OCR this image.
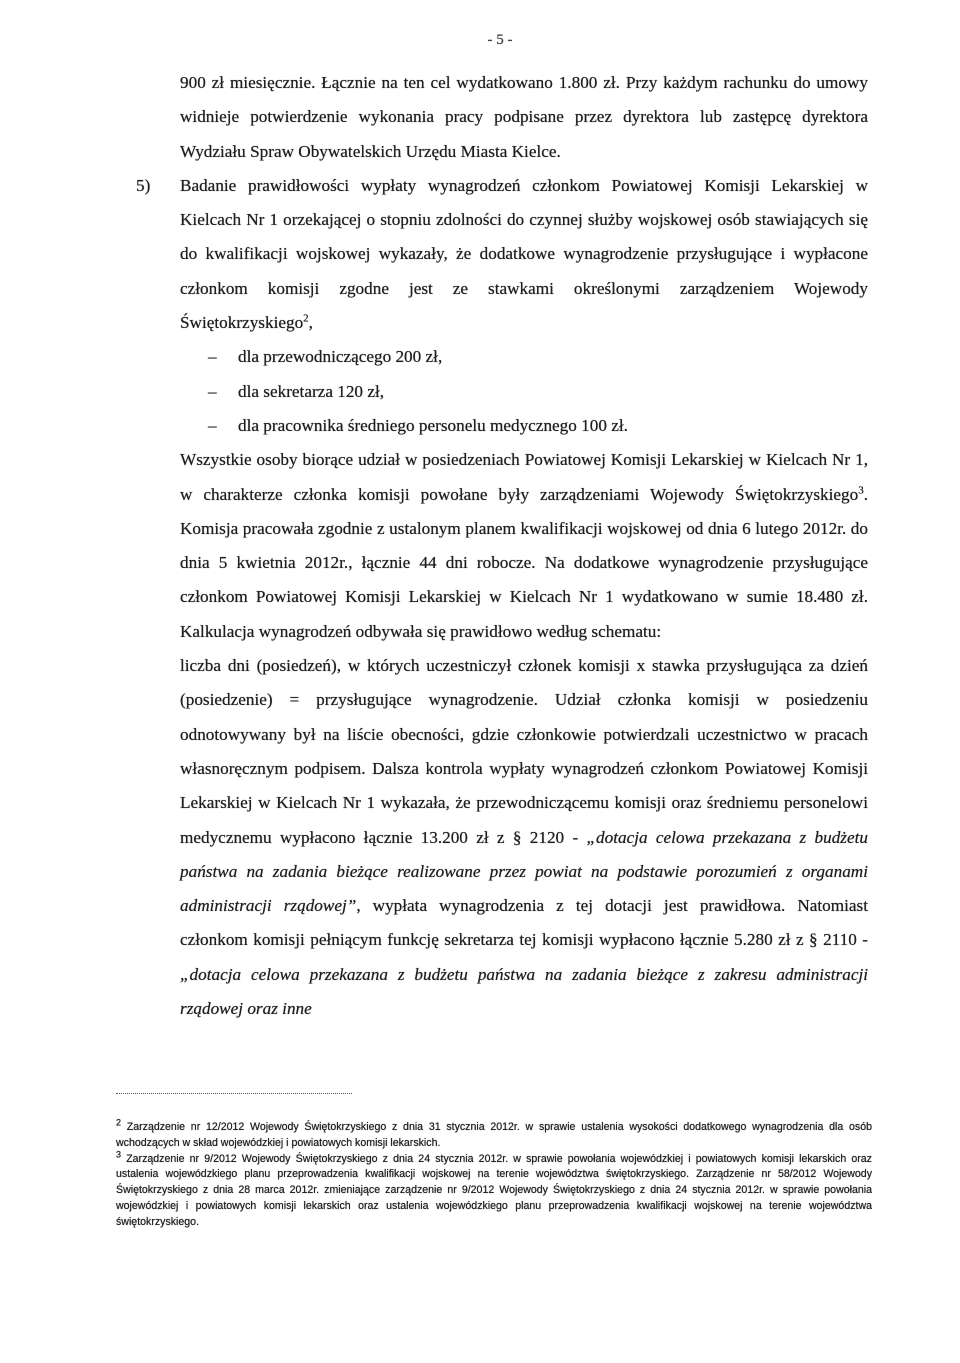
- 5 -

900 zł miesięcznie. Łącznie na ten cel wydatkowano 1.800 zł. Przy każdym rachunku do umowy widnieje potwierdzenie wykonania pracy podpisane przez dyrektora lub zastępcę dyrektora Wydziału Spraw Obywatelskich Urzędu Miasta Kielce.

5) Badanie prawidłowości wypłaty wynagrodzeń członkom Powiatowej Komisji Lekarskiej w Kielcach Nr 1 orzekającej o stopniu zdolności do czynnej służby wojskowej osób stawiających się do kwalifikacji wojskowej wykazały, że dodatkowe wynagrodzenie przysługujące i wypłacone członkom komisji zgodne jest ze stawkami określonymi zarządzeniem Wojewody Świętokrzyskiego$^2$,

– dla przewodniczącego 200 zł,
– dla sekretarza 120 zł,
– dla pracownika średniego personelu medycznego 100 zł.

Wszystkie osoby biorące udział w posiedzeniach Powiatowej Komisji Lekarskiej w Kielcach Nr 1, w charakterze członka komisji powołane były zarządzeniami Wojewody Świętokrzyskiego$^3$. Komisja pracowała zgodnie z ustalonym planem kwalifikacji wojskowej od dnia 6 lutego 2012r. do dnia 5 kwietnia 2012r., łącznie 44 dni robocze. Na dodatkowe wynagrodzenie przysługujące członkom Powiatowej Komisji Lekarskiej w Kielcach Nr 1 wydatkowano w sumie 18.480 zł. Kalkulacja wynagrodzeń odbywała się prawidłowo według schematu:

liczba dni (posiedzeń), w których uczestniczył członek komisji x stawka przysługująca za dzień (posiedzenie) = przysługujące wynagrodzenie. Udział członka komisji w posiedzeniu odnotowywany był na liście obecności, gdzie członkowie potwierdzali uczestnictwo w pracach własnoręcznym podpisem. Dalsza kontrola wypłaty wynagrodzeń członkom Powiatowej Komisji Lekarskiej w Kielcach Nr 1 wykazała, że przewodniczącemu komisji oraz średniemu personelowi medycznemu wypłacono łącznie 13.200 zł z § 2120 - „dotacja celowa przekazana z budżetu państwa na zadania bieżące realizowane przez powiat na podstawie porozumień z organami administracji rządowej”, wypłata wynagrodzenia z tej dotacji jest prawidłowa. Natomiast członkom komisji pełniącym funkcję sekretarza tej komisji wypłacono łącznie 5.280 zł z § 2110 - „dotacja celowa przekazana z budżetu państwa na zadania bieżące z zakresu administracji rządowej oraz inne

$^2$ Zarządzenie nr 12/2012 Wojewody Świętokrzyskiego z dnia 31 stycznia 2012r. w sprawie ustalenia wysokości dodatkowego wynagrodzenia dla osób wchodzących w skład wojewódzkiej i powiatowych komisji lekarskich.

$^3$ Zarządzenie nr 9/2012 Wojewody Świętokrzyskiego z dnia 24 stycznia 2012r. w sprawie powołania wojewódzkiej i powiatowych komisji lekarskich oraz ustalenia wojewódzkiego planu przeprowadzenia kwalifikacji wojskowej na terenie województwa świętokrzyskiego. Zarządzenie nr 58/2012 Wojewody Świętokrzyskiego z dnia 28 marca 2012r. zmieniające zarządzenie nr 9/2012 Wojewody Świętokrzyskiego z dnia 24 stycznia 2012r. w sprawie powołania wojewódzkiej i powiatowych komisji lekarskich oraz ustalenia wojewódzkiego planu przeprowadzenia kwalifikacji wojskowej na terenie województwa świętokrzyskiego.
